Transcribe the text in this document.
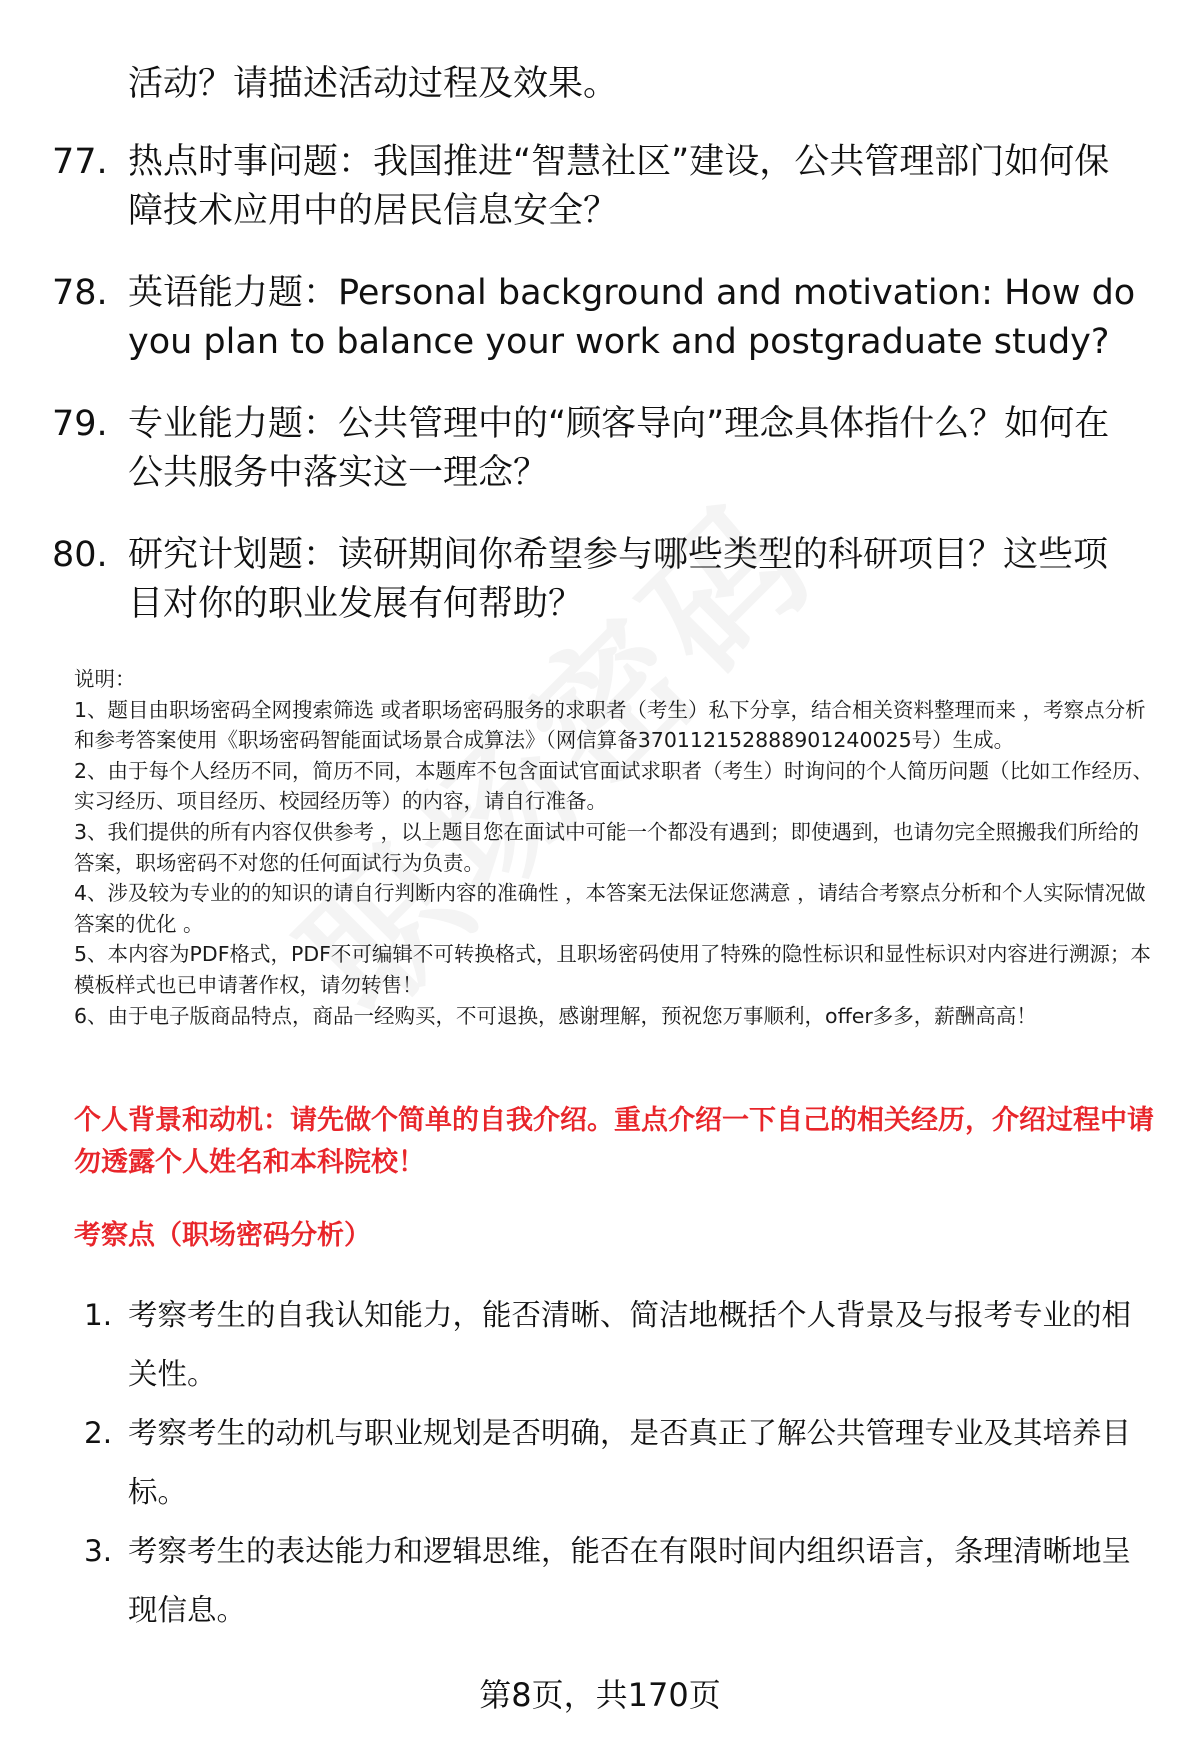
活动？请描述活动过程及效果。

77. 热点时事问题：我国推进“智慧社区”建设，公共管理部门如何保障技术应用中的居民信息安全？
78. 英语能力题：Personal background and motivation: How do you plan to balance your work and postgraduate study?
79. 专业能力题：公共管理中的“顾客导向”理念具体指什么？如何在公共服务中落实这一理念？
80. 研究计划题：读研期间你希望参与哪些类型的科研项目？这些项目对你的职业发展有何帮助？

说明：

1、题目由职场密码全网搜索筛选 或者职场密码服务的求职者（考生）私下分享，结合相关资料整理而来 ，考察点分析和参考答案使用《职场密码智能面试场景合成算法》（网信算备370112152888901240025号）生成。

2、由于每个人经历不同，简历不同，本题库不包含面试官面试求职者（考生）时询问的个人简历问题（比如工作经历、实习经历、项目经历、校园经历等）的内容，请自行准备。

3、我们提供的所有内容仅供参考 ，以上题目您在面试中可能一个都没有遇到；即使遇到，也请勿完全照搬我们所给的答案，职场密码不对您的任何面试行为负责。

4、涉及较为专业的的知识的请自行判断内容的准确性 ，本答案无法保证您满意 ，请结合考察点分析和个人实际情况做答案的优化 。

5、本内容为PDF格式，PDF不可编辑不可转换格式，且职场密码使用了特殊的隐性标识和显性标识对内容进行溯源；本模板样式也已申请著作权，请勿转售！

6、由于电子版商品特点，商品一经购买，不可退换，感谢理解，预祝您万事顺利，offer多多，薪酬高高！

个人背景和动机：请先做个简单的自我介绍。重点介绍一下自己的相关经历，介绍过程中请勿透露个人姓名和本科院校！

考察点（职场密码分析）

1. 考察考生的自我认知能力，能否清晰、简洁地概括个人背景及与报考专业的相关性。
2. 考察考生的动机与职业规划是否明确，是否真正了解公共管理专业及其培养目标。
3. 考察考生的表达能力和逻辑思维，能否在有限时间内组织语言，条理清晰地呈现信息。

第8页，共170页
